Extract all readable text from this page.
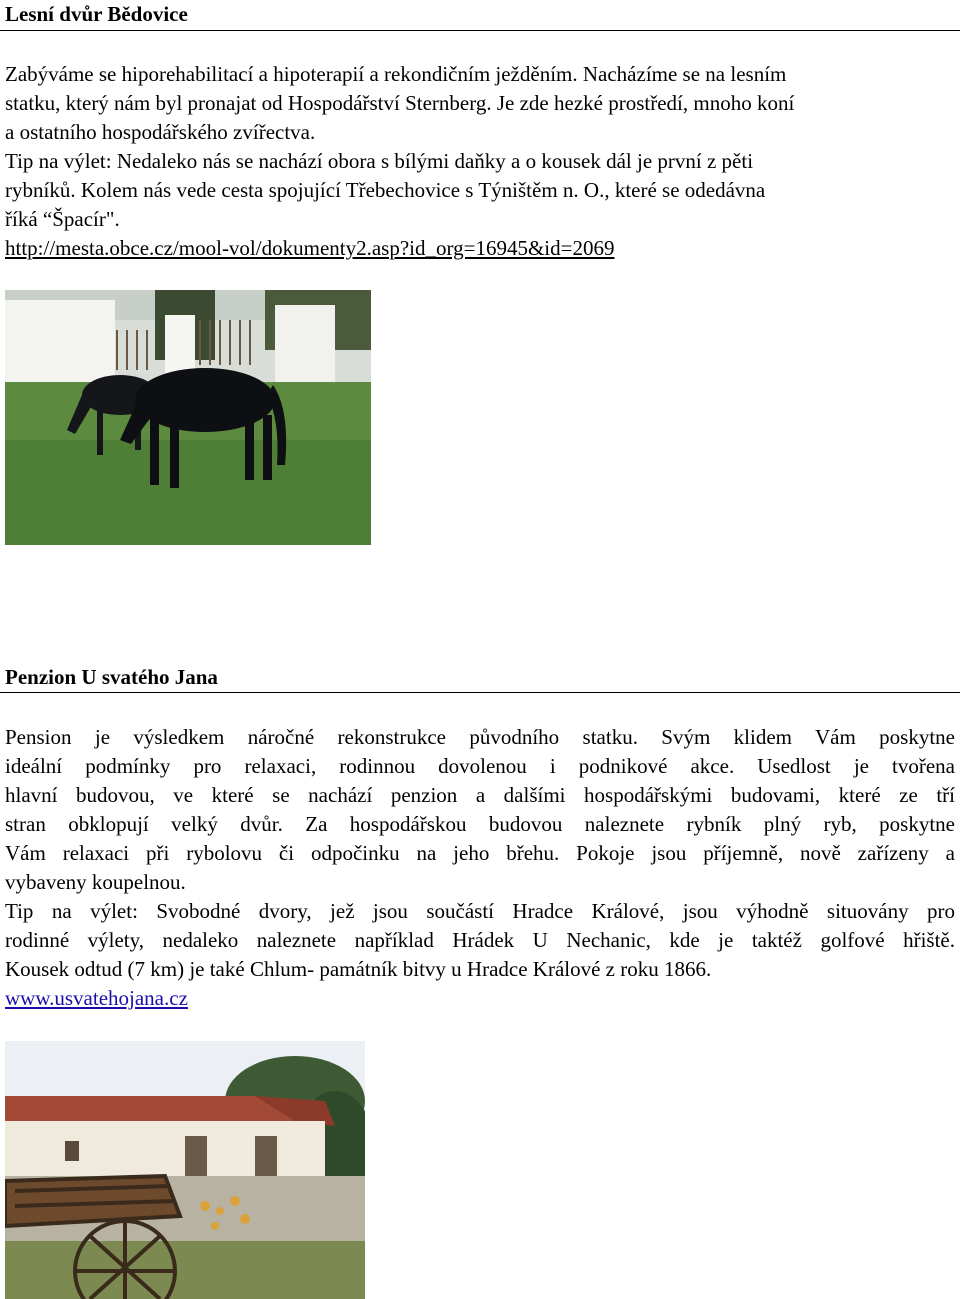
Lesní dvůr Bědovice
Zabýváme se hiporehabilitací a hipoterapií a rekondičním ježděním. Nacházíme se na lesním
statku, který nám byl pronajat od Hospodářství Sternberg. Je zde hezké prostředí, mnoho koní
a ostatního hospodářského zvířectva.
Tip na výlet: Nedaleko nás se nachází obora s bílými daňky a o kousek dál je první z pěti
rybníků. Kolem nás vede cesta spojující Třebechovice s Týništěm n. O., které se odedávna
říká “Špacír".
http://mesta.obce.cz/mool-vol/dokumenty2.asp?id_org=16945&id=2069
Penzion U svatého Jana
Pension je výsledkem náročné rekonstrukce původního statku. Svým klidem Vám poskytne
ideální podmínky pro relaxaci, rodinnou dovolenou i podnikové akce. Usedlost je tvořena
hlavní budovou, ve které se nachází penzion a dalšími hospodářskými budovami, které ze tří
stran obklopují velký dvůr. Za hospodářskou budovou naleznete rybník plný ryb, poskytne
Vám relaxaci při rybolovu či odpočinku na jeho břehu. Pokoje jsou příjemně, nově zařízeny a
vybaveny koupelnou.
Tip na výlet: Svobodné dvory, jež jsou součástí Hradce Králové, jsou výhodně situovány pro
rodinné výlety, nedaleko naleznete například Hrádek U Nechanic, kde je taktéž golfové hřiště.
Kousek odtud (7 km) je také Chlum- památník bitvy u Hradce Králové z roku 1866.
www.usvatehojana.cz
